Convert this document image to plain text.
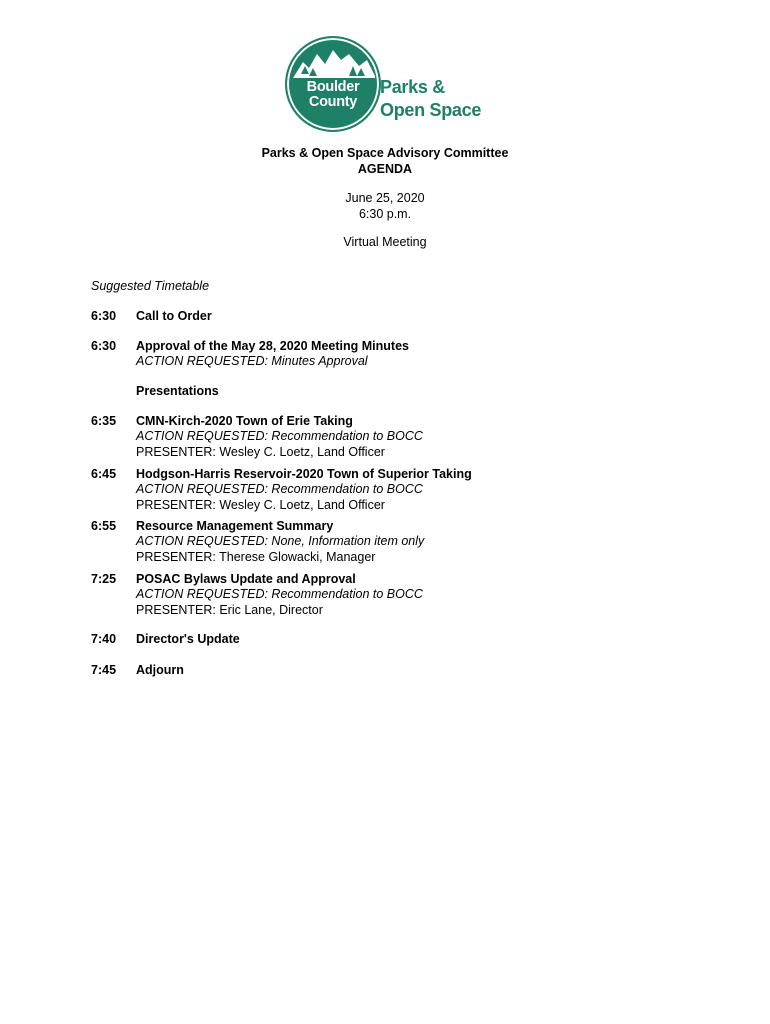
Boulder
County
Parks &
Open Space
Parks & Open Space Advisory Committee
AGENDA
June 25, 2020
6:30 p.m.
Virtual Meeting
Suggested Timetable
6:30	Call to Order
6:30	Approval of the May 28, 2020 Meeting Minutes
ACTION REQUESTED: Minutes Approval
Presentations
6:35	CMN-Kirch-2020 Town of Erie Taking
ACTION REQUESTED: Recommendation to BOCC
PRESENTER: Wesley C. Loetz, Land Officer
6:45	Hodgson-Harris Reservoir-2020 Town of Superior Taking
ACTION REQUESTED: Recommendation to BOCC
PRESENTER: Wesley C. Loetz, Land Officer
6:55	Resource Management Summary
ACTION REQUESTED: None, Information item only
PRESENTER: Therese Glowacki, Manager
7:25	POSAC Bylaws Update and Approval
ACTION REQUESTED: Recommendation to BOCC
PRESENTER: Eric Lane, Director
7:40	Director's Update
7:45	Adjourn
